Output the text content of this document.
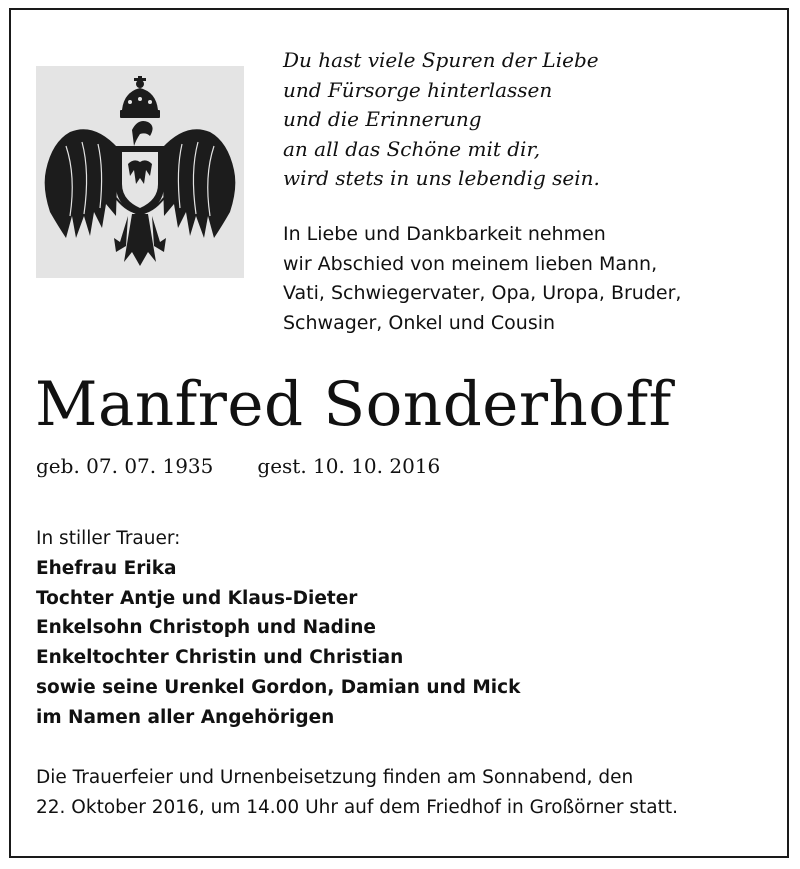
Du hast viele Spuren der Liebe
und Fürsorge hinterlassen
und die Erinnerung
an all das Schöne mit dir,
wird stets in uns lebendig sein.
In Liebe und Dankbarkeit nehmen
wir Abschied von meinem lieben Mann,
Vati, Schwiegervater, Opa, Uropa, Bruder,
Schwager, Onkel und Cousin
Manfred Sonderhoff
geb. 07. 07. 1935 gest. 10. 10. 2016
In stiller Trauer:
Ehefrau Erika
Tochter Antje und Klaus-Dieter
Enkelsohn Christoph und Nadine
Enkeltochter Christin und Christian
sowie seine Urenkel Gordon, Damian und Mick
im Namen aller Angehörigen
Die Trauerfeier und Urnenbeisetzung finden am Sonnabend, den
22. Oktober 2016, um 14.00 Uhr auf dem Friedhof in Großörner statt.
